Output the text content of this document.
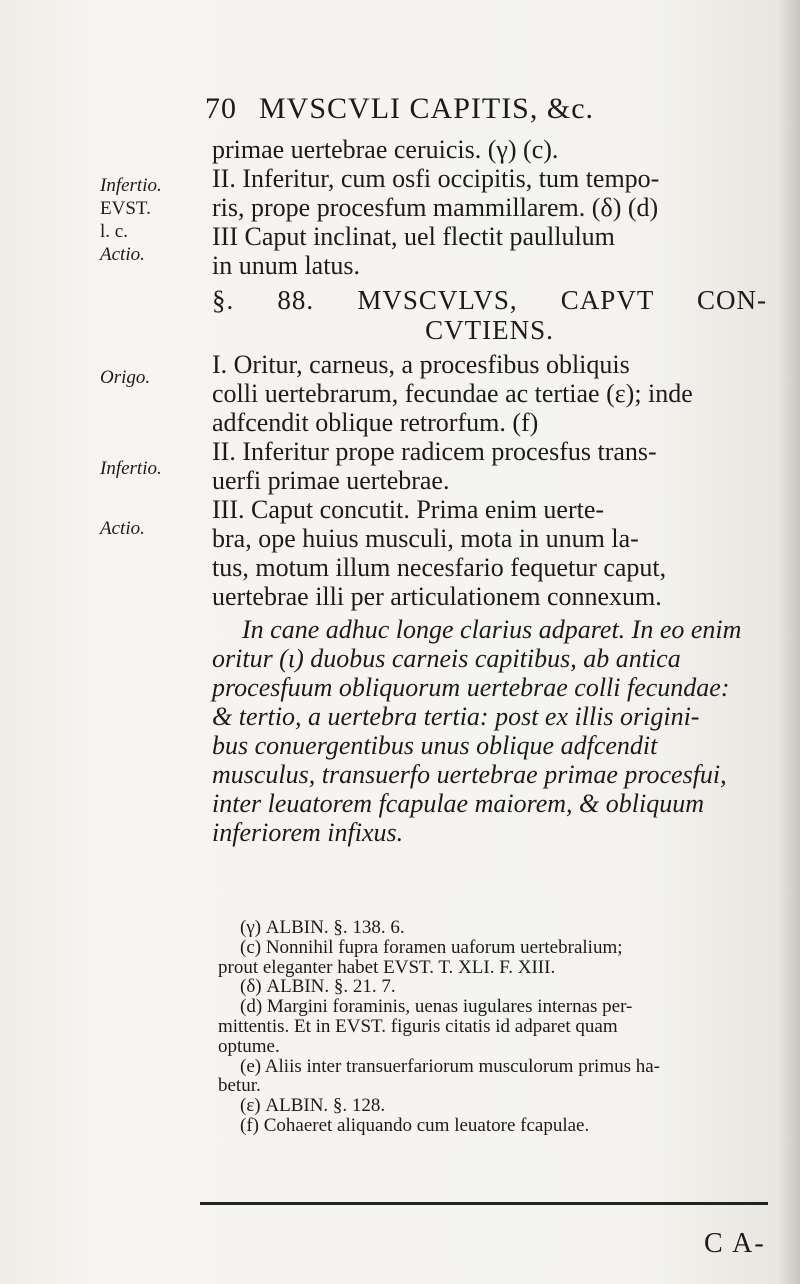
70 MVSCVLI CAPITIS, &c.
Infertio.
EVST.
l. c.
Actio.
Origo.
Infertio.
Actio.
primae uertebrae ceruicis. (γ) (c).
II. Inferitur, cum osfi occipitis, tum tempo-
ris, prope procesfum mammillarem. (δ) (d)
III Caput inclinat, uel flectit paullulum
in unum latus.
§. 88. MVSCVLVS, CAPVT CON-
CVTIENS.
I. Oritur, carneus, a procesfibus obliquis
colli uertebrarum, fecundae ac tertiae (ε); inde
adfcendit oblique retrorfum. (f)
II. Inferitur prope radicem procesfus trans-
uerfi primae uertebrae.
III. Caput concutit. Prima enim uerte-
bra, ope huius musculi, mota in unum la-
tus, motum illum necesfario fequetur caput,
uertebrae illi per articulationem connexum.
In cane adhuc longe clarius adparet. In eo enim
oritur (ι) duobus carneis capitibus, ab antica
procesfuum obliquorum uertebrae colli fecundae:
& tertio, a uertebra tertia: post ex illis origini-
bus conuergentibus unus oblique adfcendit
musculus, transuerfo uertebrae primae procesfui,
inter leuatorem fcapulae maiorem, & obliquum
inferiorem infixus.
(γ) ALBIN. §. 138. 6.
(c) Nonnihil fupra foramen uaforum uertebralium;
prout eleganter habet EVST. T. XLI. F. XIII.
(δ) ALBIN. §. 21. 7.
(d) Margini foraminis, uenas iugulares internas per-
mittentis. Et in EVST. figuris citatis id adparet quam
optume.
(e) Aliis inter transuerfariorum musculorum primus ha-
betur.
(ε) ALBIN. §. 128.
(f) Cohaeret aliquando cum leuatore fcapulae.
C A-
